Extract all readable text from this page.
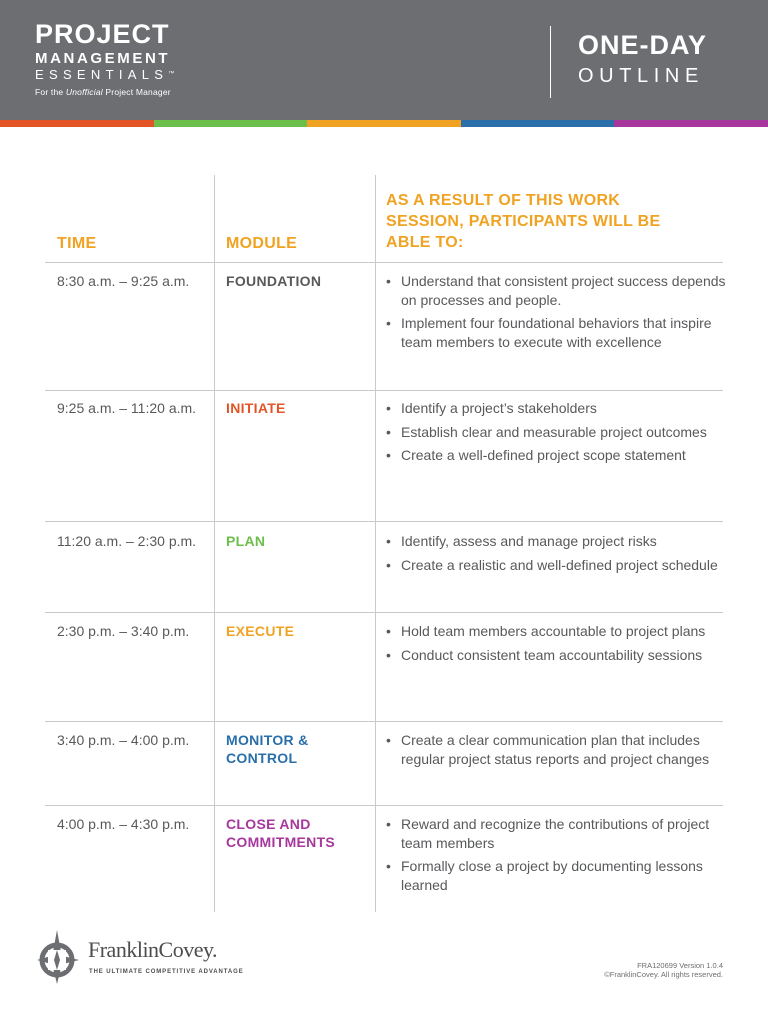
PROJECT
MANAGEMENT
ESSENTIALS™
For the Unofficial Project Manager
ONE-DAY
OUTLINE
TIME	MODULE
AS A RESULT OF THIS WORK SESSION, PARTICIPANTS WILL BE ABLE TO:
8:30 a.m. – 9:25 a.m.	FOUNDATION	• Understand that consistent project success depends on processes and people.
• Implement four foundational behaviors that inspire team members to execute with excellence
9:25 a.m. – 11:20 a.m. INITIATE	• Identify a project’s stakeholders
• Establish clear and measurable project outcomes
• Create a well-defined project scope statement
11:20 a.m. – 2:30 p.m. PLAN	• Identify, assess and manage project risks
• Create a realistic and well-defined project schedule
2:30 p.m. – 3:40 p.m.	EXECUTE	• Hold team members accountable to project plans
• Conduct consistent team accountability sessions
3:40 p.m. – 4:00 p.m.	MONITOR & CONTROL
• Create a clear communication plan that includes regular project status reports and project changes
4:00 p.m. – 4:30 p.m.	CLOSE AND COMMITMENTS
• Reward and recognize the contributions of project team members
• Formally close a project by documenting lessons learned
FranklinCovey.
THE ULTIMATE COMPETITIVE ADVANTAGE
FRA120699 Version 1.0.4
©FranklinCovey. All rights reserved.
